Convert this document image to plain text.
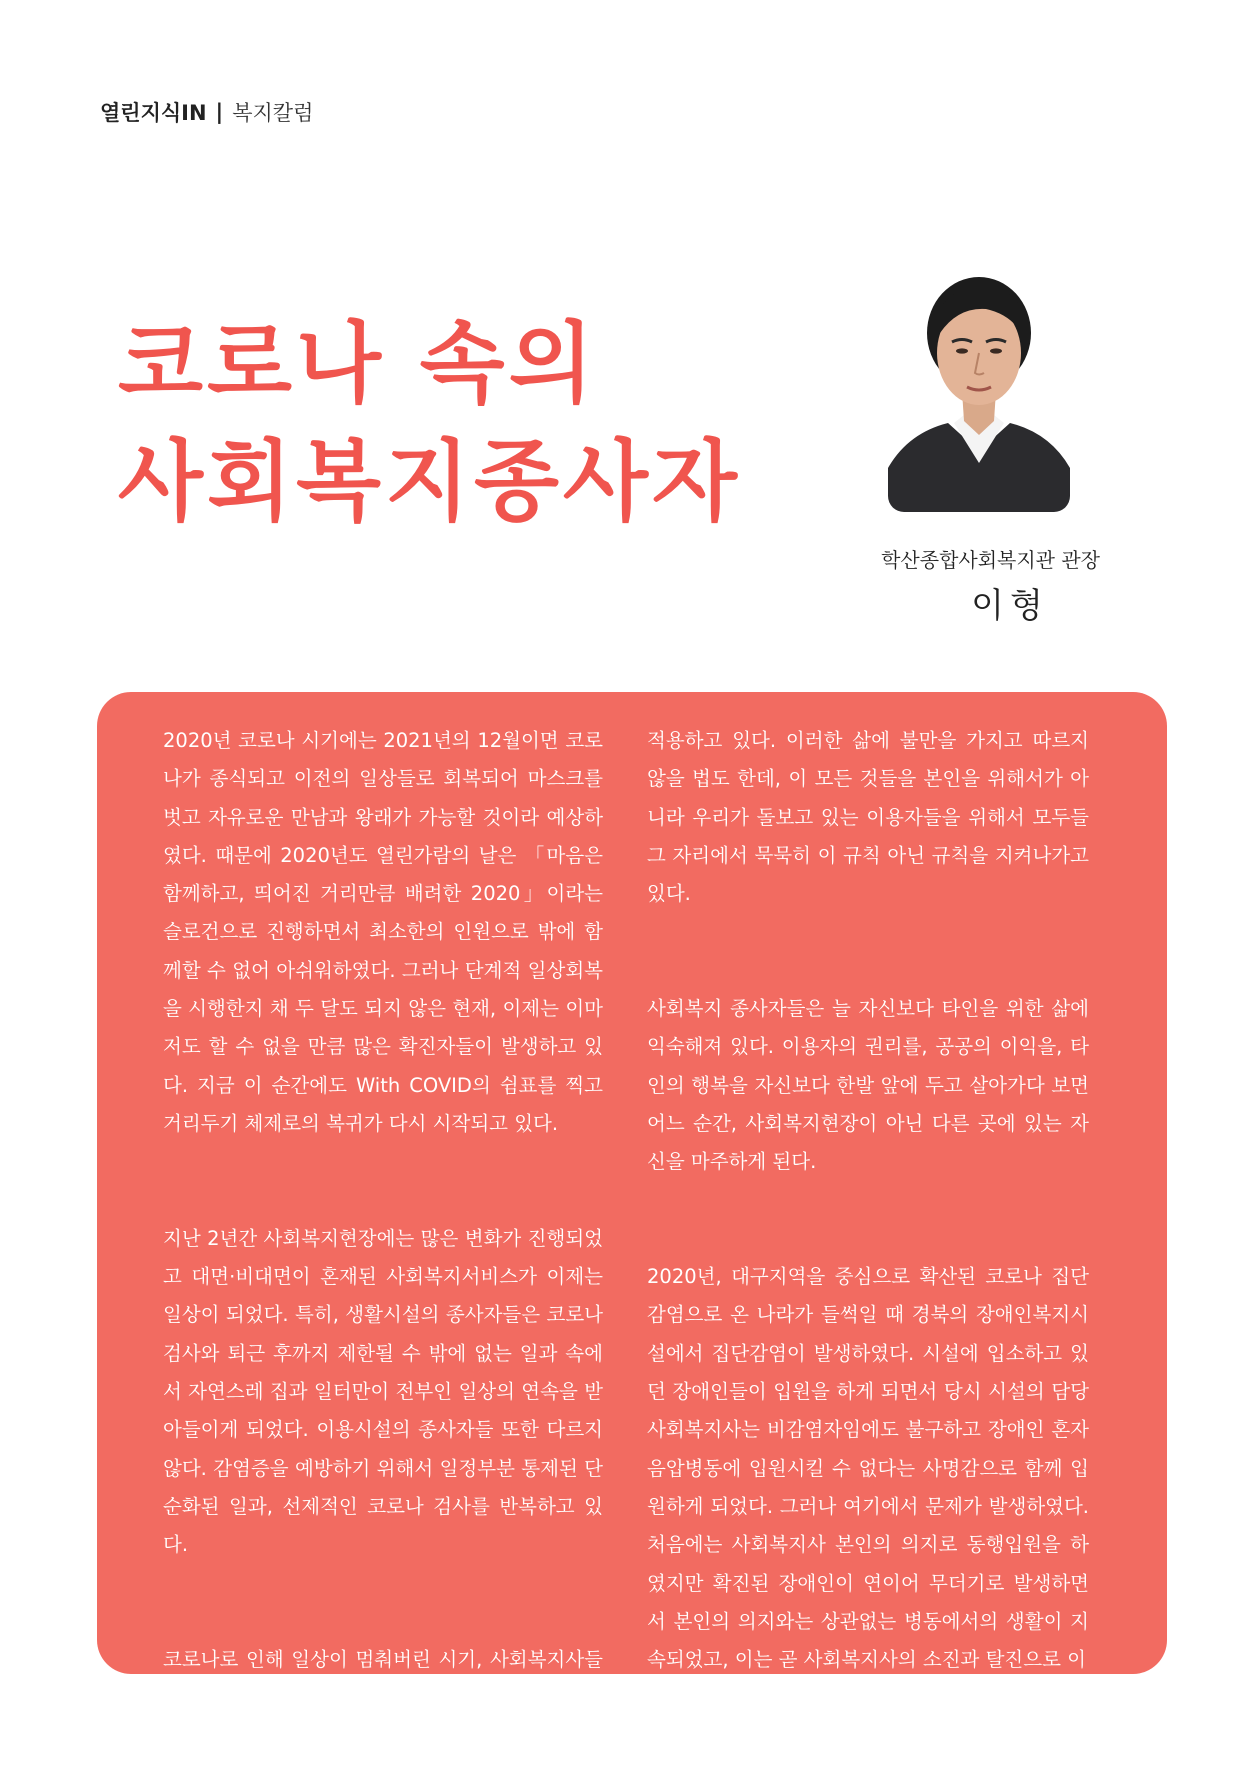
열린지식IN | 복지칼럼
코로나 속의
사회복지종사자
학산종합사회복지관 관장
이형

2020년 코로나 시기에는 2021년의 12월이면 코로나가 종식되고 이전의 일상들로 회복되어 마스크를 벗고 자유로운 만남과 왕래가 가능할 것이라 예상하였다. 때문에 2020년도 열린가람의 날은 「마음은 함께하고, 띄어진 거리만큼 배려한 2020」이라는 슬로건으로 진행하면서 최소한의 인원으로 밖에 함께할 수 없어 아쉬워하였다. 그러나 단계적 일상회복을 시행한지 채 두 달도 되지 않은 현재, 이제는 이마저도 할 수 없을 만큼 많은 확진자들이 발생하고 있다. 지금 이 순간에도 With COVID의 쉼표를 찍고 거리두기 체제로의 복귀가 다시 시작되고 있다.

지난 2년간 사회복지현장에는 많은 변화가 진행되었고 대면·비대면이 혼재된 사회복지서비스가 이제는 일상이 되었다. 특히, 생활시설의 종사자들은 코로나 검사와 퇴근 후까지 제한될 수 밖에 없는 일과 속에서 자연스레 집과 일터만이 전부인 일상의 연속을 받아들이게 되었다. 이용시설의 종사자들 또한 다르지 않다. 감염증을 예방하기 위해서 일정부분 통제된 단순화된 일과, 선제적인 코로나 검사를 반복하고 있다.

코로나로 인해 일상이 멈춰버린 시기, 사회복지사들은 일반 시민들보다 훨씬 엄격한 기준을 자체적으로

적용하고 있다. 이러한 삶에 불만을 가지고 따르지 않을 법도 한데, 이 모든 것들을 본인을 위해서가 아니라 우리가 돌보고 있는 이용자들을 위해서 모두들 그 자리에서 묵묵히 이 규칙 아닌 규칙을 지켜나가고 있다.

사회복지 종사자들은 늘 자신보다 타인을 위한 삶에 익숙해져 있다. 이용자의 권리를, 공공의 이익을, 타인의 행복을 자신보다 한발 앞에 두고 살아가다 보면 어느 순간, 사회복지현장이 아닌 다른 곳에 있는 자신을 마주하게 된다.

2020년, 대구지역을 중심으로 확산된 코로나 집단감염으로 온 나라가 들썩일 때 경북의 장애인복지시설에서 집단감염이 발생하였다. 시설에 입소하고 있던 장애인들이 입원을 하게 되면서 당시 시설의 담당 사회복지사는 비감염자임에도 불구하고 장애인 혼자 음압병동에 입원시킬 수 없다는 사명감으로 함께 입원하게 되었다. 그러나 여기에서 문제가 발생하였다. 처음에는 사회복지사 본인의 의지로 동행입원을 하였지만 확진된 장애인이 연이어 무더기로 발생하면서 본인의 의지와는 상관없는 병동에서의 생활이 지속되었고, 이는 곧 사회복지사의 소진과 탈진으로 이
